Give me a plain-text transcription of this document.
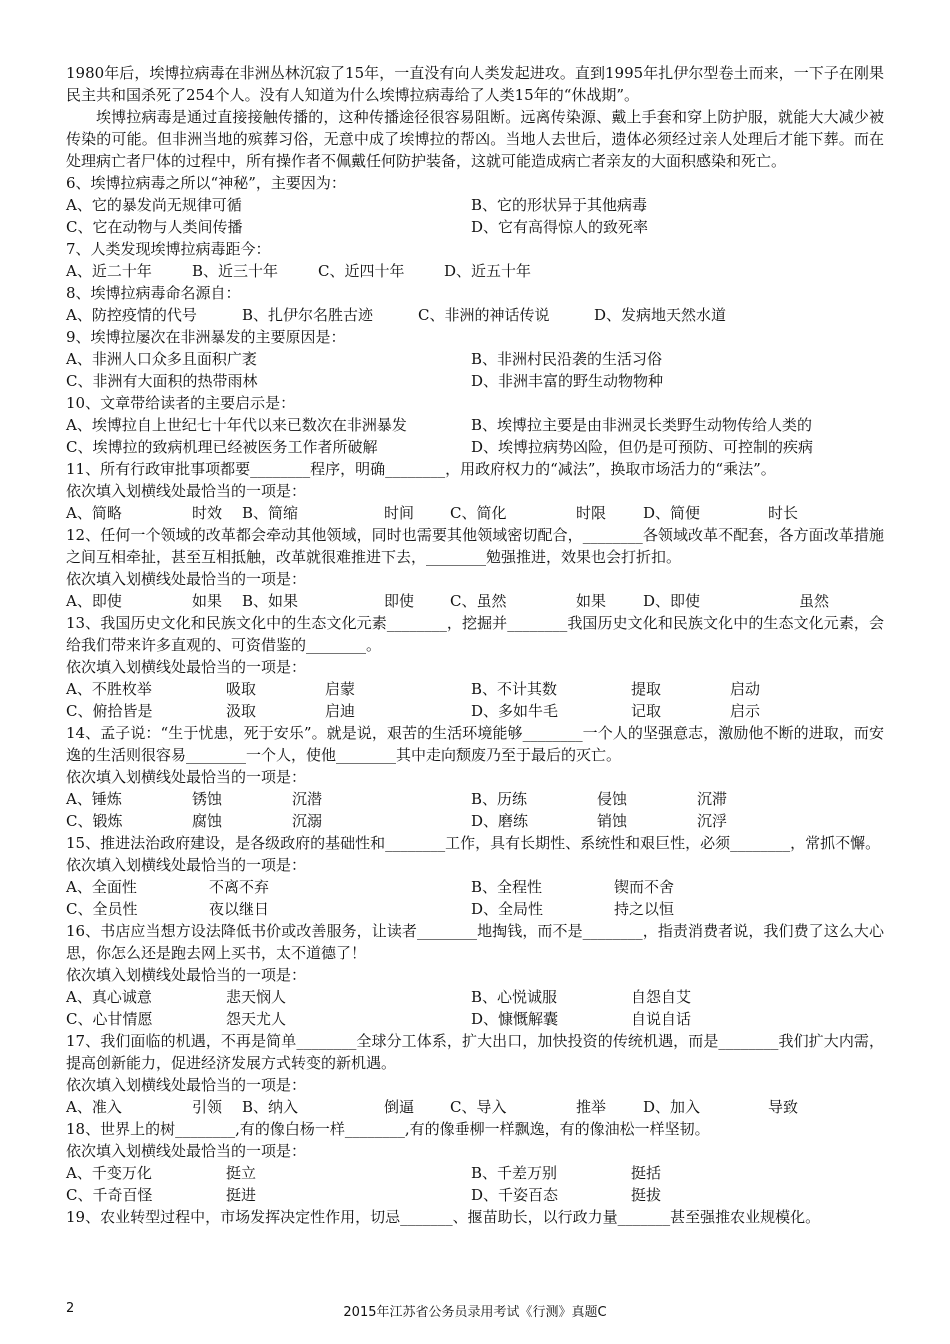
1980年后，埃博拉病毒在非洲丛林沉寂了15年，一直没有向人类发起进攻。直到1995年扎伊尔型卷土而来，一下子在刚果民主共和国杀死了254个人。没有人知道为什么埃博拉病毒给了人类15年的“休战期”。

埃博拉病毒是通过直接接触传播的，这种传播途径很容易阻断。远离传染源、戴上手套和穿上防护服，就能大大减少被传染的可能。但非洲当地的殡葬习俗，无意中成了埃博拉的帮凶。当地人去世后，遗体必须经过亲人处理后才能下葬。而在处理病亡者尸体的过程中，所有操作者不佩戴任何防护装备，这就可能造成病亡者亲友的大面积感染和死亡。

6、埃博拉病毒之所以“神秘”，主要因为：
A、它的暴发尚无规律可循	B、它的形状异于其他病毒
C、它在动物与人类间传播	D、它有高得惊人的致死率
7、人类发现埃博拉病毒距今：
A、近二十年	B、近三十年	C、近四十年	D、近五十年
8、埃博拉病毒命名源自：
A、防控疫情的代号	B、扎伊尔名胜古迹	C、非洲的神话传说	D、发病地天然水道
9、埃博拉屡次在非洲暴发的主要原因是：
A、非洲人口众多且面积广袤	B、非洲村民沿袭的生活习俗
C、非洲有大面积的热带雨林	D、非洲丰富的野生动物物种
10、文章带给读者的主要启示是：
A、埃博拉自上世纪七十年代以来已数次在非洲暴发	B、埃博拉主要是由非洲灵长类野生动物传给人类的
C、埃博拉的致病机理已经被医务工作者所破解	D、埃博拉病势凶险，但仍是可预防、可控制的疾病

11、所有行政审批事项都要________程序，明确________，用政府权力的“减法”，换取市场活力的“乘法”。

依次填入划横线处最恰当的一项是：
A、简略	时效 B、简缩	时间 C、简化	时限 D、简便	时长

12、任何一个领域的改革都会牵动其他领域，同时也需要其他领域密切配合，________各领域改革不配套，各方面改革措施之间互相牵扯，甚至互相抵触，改革就很难推进下去，________勉强推进，效果也会打折扣。

依次填入划横线处最恰当的一项是：
A、即使	如果 B、如果	即使 C、虽然	如果 D、即使	虽然

13、我国历史文化和民族文化中的生态文化元素________，挖掘并________我国历史文化和民族文化中的生态文化元素，会给我们带来许多直观的、可资借鉴的________。

依次填入划横线处最恰当的一项是：
A、不胜枚举	吸取	启蒙	B、不计其数	提取	启动
C、俯拾皆是	汲取	启迪	D、多如牛毛	记取	启示

14、孟子说：“生于忧患，死于安乐”。就是说，艰苦的生活环境能够________一个人的坚强意志，激励他不断的进取，而安逸的生活则很容易________一个人，使他________其中走向颓废乃至于最后的灭亡。

依次填入划横线处最恰当的一项是：
A、锤炼	锈蚀	沉潜	B、历练	侵蚀	沉滞
C、锻炼	腐蚀	沉溺	D、磨练	销蚀	沉浮

15、推进法治政府建设，是各级政府的基础性和________工作，具有长期性、系统性和艰巨性，必须________，常抓不懈。

依次填入划横线处最恰当的一项是：
A、全面性	不离不弃	B、全程性	锲而不舍
C、全员性	夜以继日	D、全局性	持之以恒

16、书店应当想方设法降低书价或改善服务，让读者________地掏钱，而不是________，指责消费者说，我们费了这么大心思，你怎么还是跑去网上买书，太不道德了！

依次填入划横线处最恰当的一项是：
A、真心诚意	悲天悯人	B、心悦诚服	自怨自艾
C、心甘情愿	怨天尤人	D、慷慨解囊	自说自话

17、我们面临的机遇，不再是简单________全球分工体系，扩大出口，加快投资的传统机遇，而是________我们扩大内需，提高创新能力，促进经济发展方式转变的新机遇。

依次填入划横线处最恰当的一项是：
A、准入	引领 B、纳入	倒逼 C、导入	推举 D、加入	导致

18、世界上的树________,有的像白杨一样________,有的像垂柳一样飘逸，有的像油松一样坚韧。

依次填入划横线处最恰当的一项是：
A、千变万化	挺立	B、千差万别	挺括
C、千奇百怪	挺进	D、千姿百态	挺拔

19、农业转型过程中，市场发挥决定性作用，切忌_______、揠苗助长，以行政力量_______甚至强推农业规模化。

2	2015年江苏省公务员录用考试《行测》真题C
